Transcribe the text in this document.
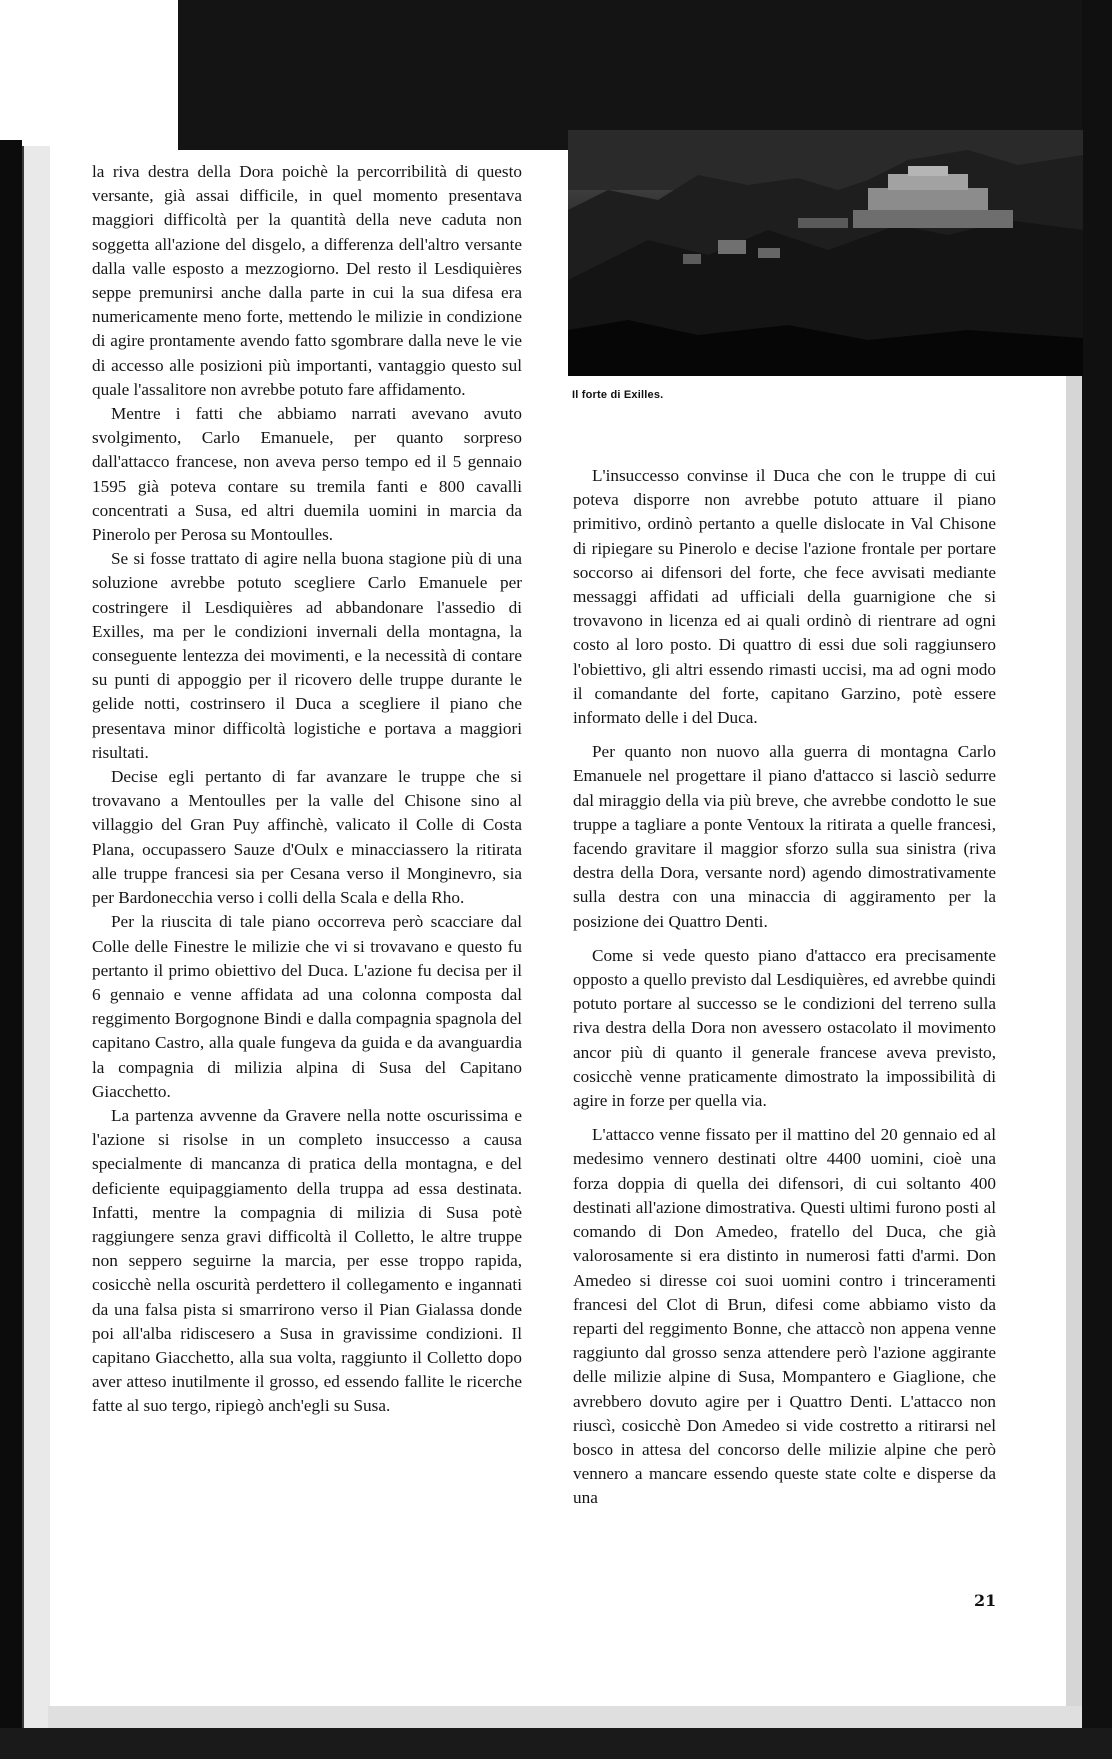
Il forte di Exilles.

la riva destra della Dora poichè la percorribilità di questo versante, già assai difficile, in quel momento presentava maggiori difficoltà per la quantità della neve caduta non soggetta all'azione del disgelo, a differenza dell'altro versante dalla valle esposto a mezzogiorno. Del resto il Lesdiquières seppe premunirsi anche dalla parte in cui la sua difesa era numericamente meno forte, mettendo le milizie in condizione di agire prontamente avendo fatto sgombrare dalla neve le vie di accesso alle posizioni più importanti, vantaggio questo sul quale l'assalitore non avrebbe potuto fare affidamento.

Mentre i fatti che abbiamo narrati avevano avuto svolgimento, Carlo Emanuele, per quanto sorpreso dall'attacco francese, non aveva perso tempo ed il 5 gennaio 1595 già poteva contare su tremila fanti e 800 cavalli concentrati a Susa, ed altri duemila uomini in marcia da Pinerolo per Perosa su Montoulles.

Se si fosse trattato di agire nella buona stagione più di una soluzione avrebbe potuto scegliere Carlo Emanuele per costringere il Lesdiquières ad abbandonare l'assedio di Exilles, ma per le condizioni invernali della montagna, la conseguente lentezza dei movimenti, e la necessità di contare su punti di appoggio per il ricovero delle truppe durante le gelide notti, costrinsero il Duca a scegliere il piano che presentava minor difficoltà logistiche e portava a maggiori risultati.

Decise egli pertanto di far avanzare le truppe che si trovavano a Mentoulles per la valle del Chisone sino al villaggio del Gran Puy affinchè, valicato il Colle di Costa Plana, occupassero Sauze d'Oulx e minacciassero la ritirata alle truppe francesi sia per Cesana verso il Monginevro, sia per Bardonecchia verso i colli della Scala e della Rho.

Per la riuscita di tale piano occorreva però scacciare dal Colle delle Finestre le milizie che vi si trovavano e questo fu pertanto il primo obiettivo del Duca. L'azione fu decisa per il 6 gennaio e venne affidata ad una colonna composta dal reggimento Borgognone Bindi e dalla compagnia spagnola del capitano Castro, alla quale fungeva da guida e da avanguardia la compagnia di milizia alpina di Susa del Capitano Giacchetto.

La partenza avvenne da Gravere nella notte oscurissima e l'azione si risolse in un completo insuccesso a causa specialmente di mancanza di pratica della montagna, e del deficiente equipaggiamento della truppa ad essa destinata. Infatti, mentre la compagnia di milizia di Susa potè raggiungere senza gravi difficoltà il Colletto, le altre truppe non seppero seguirne la marcia, per esse troppo rapida, cosicchè nella oscurità perdettero il collegamento e ingannati da una falsa pista si smarrirono verso il Pian Gialassa donde poi all'alba ridiscesero a Susa in gravissime condizioni. Il capitano Giacchetto, alla sua volta, raggiunto il Colletto dopo aver atteso inutilmente il grosso, ed essendo fallite le ricerche fatte al suo tergo, ripiegò anch'egli su Susa.

L'insuccesso convinse il Duca che con le truppe di cui poteva disporre non avrebbe potuto attuare il piano primitivo, ordinò pertanto a quelle dislocate in Val Chisone di ripiegare su Pinerolo e decise l'azione frontale per portare soccorso ai difensori del forte, che fece avvisati mediante messaggi affidati ad ufficiali della guarnigione che si trovavono in licenza ed ai quali ordinò di rientrare ad ogni costo al loro posto. Di quattro di essi due soli raggiunsero l'obiettivo, gli altri essendo rimasti uccisi, ma ad ogni modo il comandante del forte, capitano Garzino, potè essere informato delle i del Duca.

Per quanto non nuovo alla guerra di montagna Carlo Emanuele nel progettare il piano d'attacco si lasciò sedurre dal miraggio della via più breve, che avrebbe condotto le sue truppe a tagliare a ponte Ventoux la ritirata a quelle francesi, facendo gravitare il maggior sforzo sulla sua sinistra (riva destra della Dora, versante nord) agendo dimostrativamente sulla destra con una minaccia di aggiramento per la posizione dei Quattro Denti.

Come si vede questo piano d'attacco era precisamente opposto a quello previsto dal Lesdiquières, ed avrebbe quindi potuto portare al successo se le condizioni del terreno sulla riva destra della Dora non avessero ostacolato il movimento ancor più di quanto il generale francese aveva previsto, cosicchè venne praticamente dimostrato la impossibilità di agire in forze per quella via.

L'attacco venne fissato per il mattino del 20 gennaio ed al medesimo vennero destinati oltre 4400 uomini, cioè una forza doppia di quella dei difensori, di cui soltanto 400 destinati all'azione dimostrativa. Questi ultimi furono posti al comando di Don Amedeo, fratello del Duca, che già valorosamente si era distinto in numerosi fatti d'armi. Don Amedeo si diresse coi suoi uomini contro i trinceramenti francesi del Clot di Brun, difesi come abbiamo visto da reparti del reggimento Bonne, che attaccò non appena venne raggiunto dal grosso senza attendere però l'azione aggirante delle milizie alpine di Susa, Mompantero e Giaglione, che avrebbero dovuto agire per i Quattro Denti. L'attacco non riuscì, cosicchè Don Amedeo si vide costretto a ritirarsi nel bosco in attesa del concorso delle milizie alpine che però vennero a mancare essendo queste state colte e disperse da una

21
